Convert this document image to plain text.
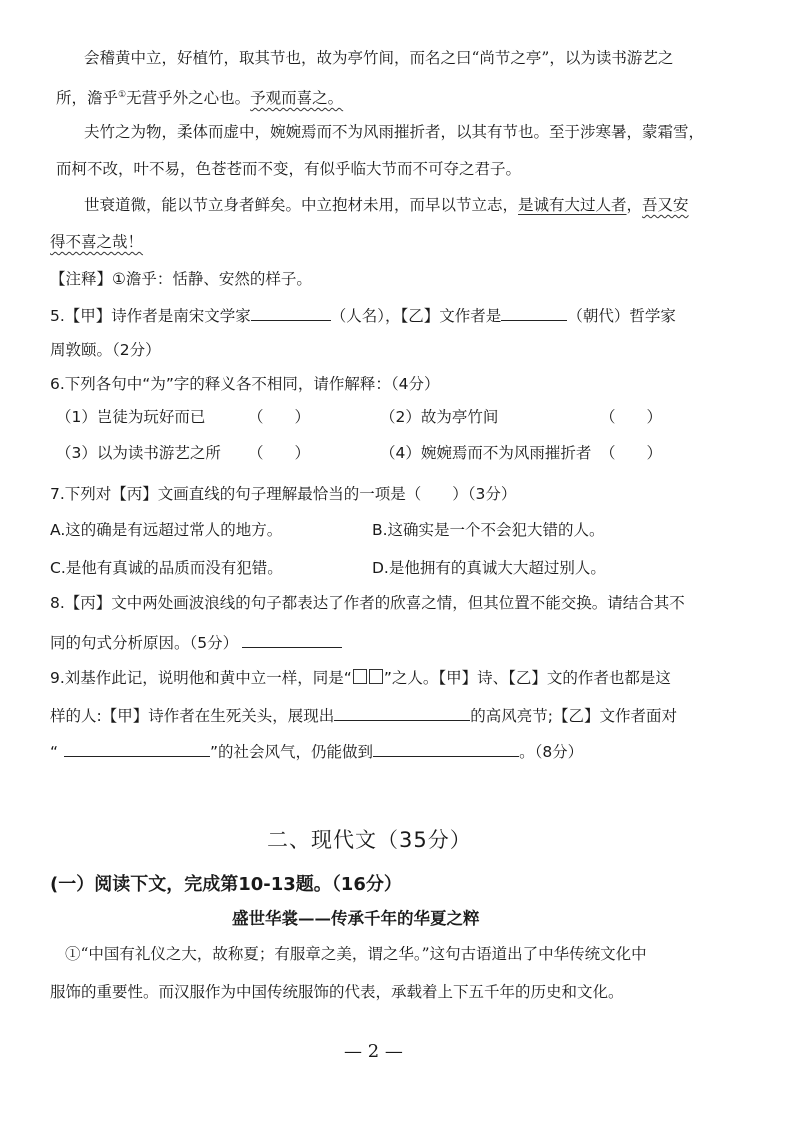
会稽黄中立，好植竹，取其节也，故为亭竹间，而名之曰“尚节之亭”，以为读书游艺之
所，澹乎①无营乎外之心也。予观而喜之。
夫竹之为物，柔体而虚中，婉婉焉而不为风雨摧折者，以其有节也。至于涉寒暑，蒙霜雪，
而柯不改，叶不易，色苍苍而不变，有似乎临大节而不可夺之君子。
世衰道微，能以节立身者鲜矣。中立抱材未用，而早以节立志，是诚有大过人者，吾又安
得不喜之哉！
【注释】①澹乎：恬静、安然的样子。
5.【甲】诗作者是南宋文学家	（人名），【乙】文作者是	（朝代）哲学家
周敦颐。（2分）
6.下列各句中“为”字的释义各不相同，请作解释：（4分）
（1）岂徒为玩好而已	（　　）	（2）故为亭竹间	（　　）
（3）以为读书游艺之所 （　　）	（4）婉婉焉而不为风雨摧折者 （　　）
7.下列对【丙】文画直线的句子理解最恰当的一项是（　　）（3分）
A.这的确是有远超过常人的地方。	B.这确实是一个不会犯大错的人。
C.是他有真诚的品质而没有犯错。	D.是他拥有的真诚大大超过别人。
8.【丙】文中两处画波浪线的句子都表达了作者的欣喜之情，但其位置不能交换。请结合其不
同的句式分析原因。（5分）
9.刘基作此记，说明他和黄中立一样，同是“ ”之人。【甲】诗、【乙】文的作者也都是这
样的人:【甲】诗作者在生死关头，展现出	的高风亮节;【乙】文作者面对
“	”的社会风气，仍能做到	。（8分）
二、现代文（35分）
(一）阅读下文，完成第10-13题。（16分）
盛世华裳——传承千年的华夏之粹
①“中国有礼仪之大，故称夏；有服章之美，谓之华。”这句古语道出了中华传统文化中
服饰的重要性。而汉服作为中国传统服饰的代表，承载着上下五千年的历史和文化。
— 2 —
